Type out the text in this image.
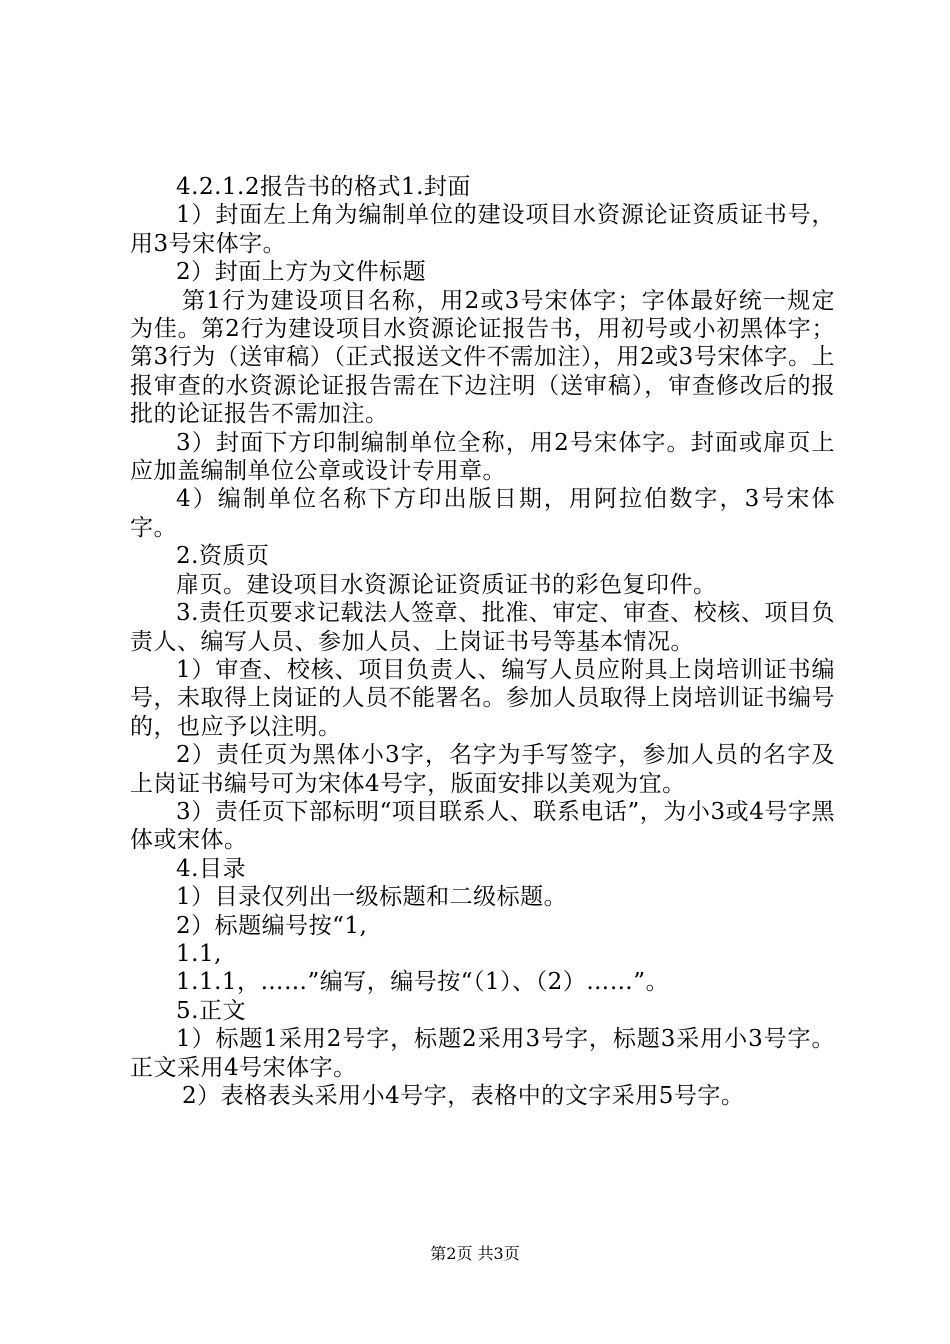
4.2.1.2报告书的格式1.封面

1）封面左上角为编制单位的建设项目水资源论证资质证书号，用3号宋体字。

2）封面上方为文件标题

第1行为建设项目名称，用2或3号宋体字；字体最好统一规定为佳。第2行为建设项目水资源论证报告书，用初号或小初黑体字；第3行为（送审稿）（正式报送文件不需加注），用2或3号宋体字。上报审查的水资源论证报告需在下边注明（送审稿），审查修改后的报批的论证报告不需加注。

3）封面下方印制编制单位全称，用2号宋体字。封面或扉页上应加盖编制单位公章或设计专用章。

4）编制单位名称下方印出版日期，用阿拉伯数字，3号宋体字。

2.资质页

扉页。建设项目水资源论证资质证书的彩色复印件。

3.责任页要求记载法人签章、批准、审定、审查、校核、项目负责人、编写人员、参加人员、上岗证书号等基本情况。

1）审查、校核、项目负责人、编写人员应附具上岗培训证书编号，未取得上岗证的人员不能署名。参加人员取得上岗培训证书编号的，也应予以注明。

2）责任页为黑体小3字，名字为手写签字，参加人员的名字及上岗证书编号可为宋体4号字，版面安排以美观为宜。

3）责任页下部标明“项目联系人、联系电话”，为小3或4号字黑体或宋体。

4.目录

1）目录仅列出一级标题和二级标题。

2）标题编号按“1,

1.1,

1.1.1，……”编写，编号按“（1）、（2）……”。

5.正文

1）标题1采用2号字，标题2采用3号字，标题3采用小3号字。正文采用4号宋体字。

2）表格表头采用小4号字，表格中的文字采用5号字。

第2页 共3页
